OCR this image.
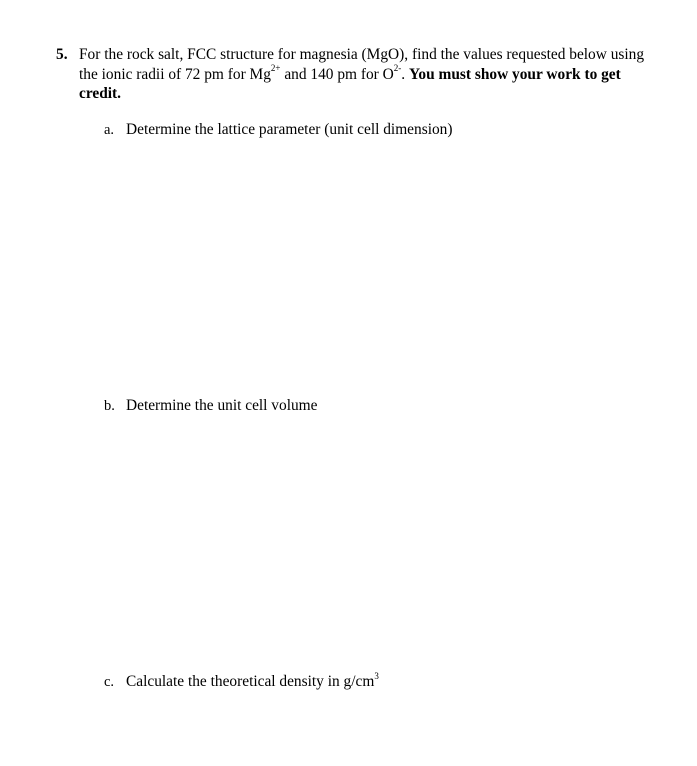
5. For the rock salt, FCC structure for magnesia (MgO), find the values requested below using the ionic radii of 72 pm for $Mg^{2+}$ and 140 pm for $O^{2-}$. You must show your work to get credit.
a. Determine the lattice parameter (unit cell dimension)
b. Determine the unit cell volume
c. Calculate the theoretical density in $g/cm^3$
